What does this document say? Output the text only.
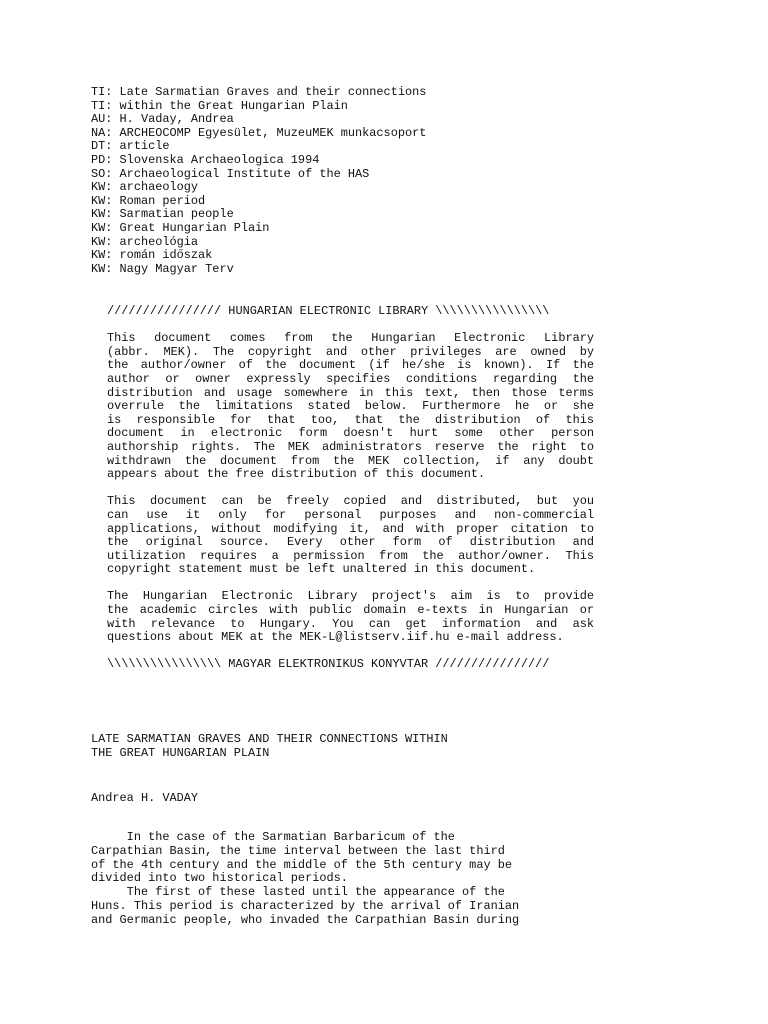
TI: Late Sarmatian Graves and their connections
TI: within the Great Hungarian Plain
AU: H. Vaday, Andrea
NA: ARCHEOCOMP Egyesület, MuzeuMEK munkacsoport
DT: article
PD: Slovenska Archaeologica 1994
SO: Archaeological Institute of the HAS
KW: archaeology
KW: Roman period
KW: Sarmatian people
KW: Great Hungarian Plain
KW: archeológia
KW: román időszak
KW: Nagy Magyar Terv
//////////////// HUNGARIAN ELECTRONIC LIBRARY \\\\\\\\\\\\\\\\
This document comes from the Hungarian Electronic Library
(abbr. MEK). The copyright and other privileges are owned by
the author/owner of the document (if he/she is known). If the
author or owner expressly specifies conditions regarding the
distribution and usage somewhere in this text, then those terms
overrule the limitations stated below. Furthermore he or she
is responsible for that too, that the distribution of this
document in electronic form doesn't hurt some other person
authorship rights. The MEK administrators reserve the right to
withdrawn the document from the MEK collection, if any doubt
appears about the free distribution of this document.
This document can be freely copied and distributed, but you
can use it only for personal purposes and non-commercial
applications, without modifying it, and with proper citation to
the original source. Every other form of distribution and
utilization requires a permission from the author/owner. This
copyright statement must be left unaltered in this document.
The Hungarian Electronic Library project's aim is to provide
the academic circles with public domain e-texts in Hungarian or
with relevance to Hungary. You can get information and ask
questions about MEK at the MEK-L@listserv.iif.hu e-mail address.
\\\\\\\\\\\\\\\\ MAGYAR ELEKTRONIKUS KONYVTAR ////////////////
LATE SARMATIAN GRAVES AND THEIR CONNECTIONS WITHIN
THE GREAT HUNGARIAN PLAIN
Andrea H. VADAY
In the case of the Sarmatian Barbaricum of the
Carpathian Basin, the time interval between the last third
of the 4th century and the middle of the 5th century may be
divided into two historical periods.
The first of these lasted until the appearance of the
Huns. This period is characterized by the arrival of Iranian
and Germanic people, who invaded the Carpathian Basin during
